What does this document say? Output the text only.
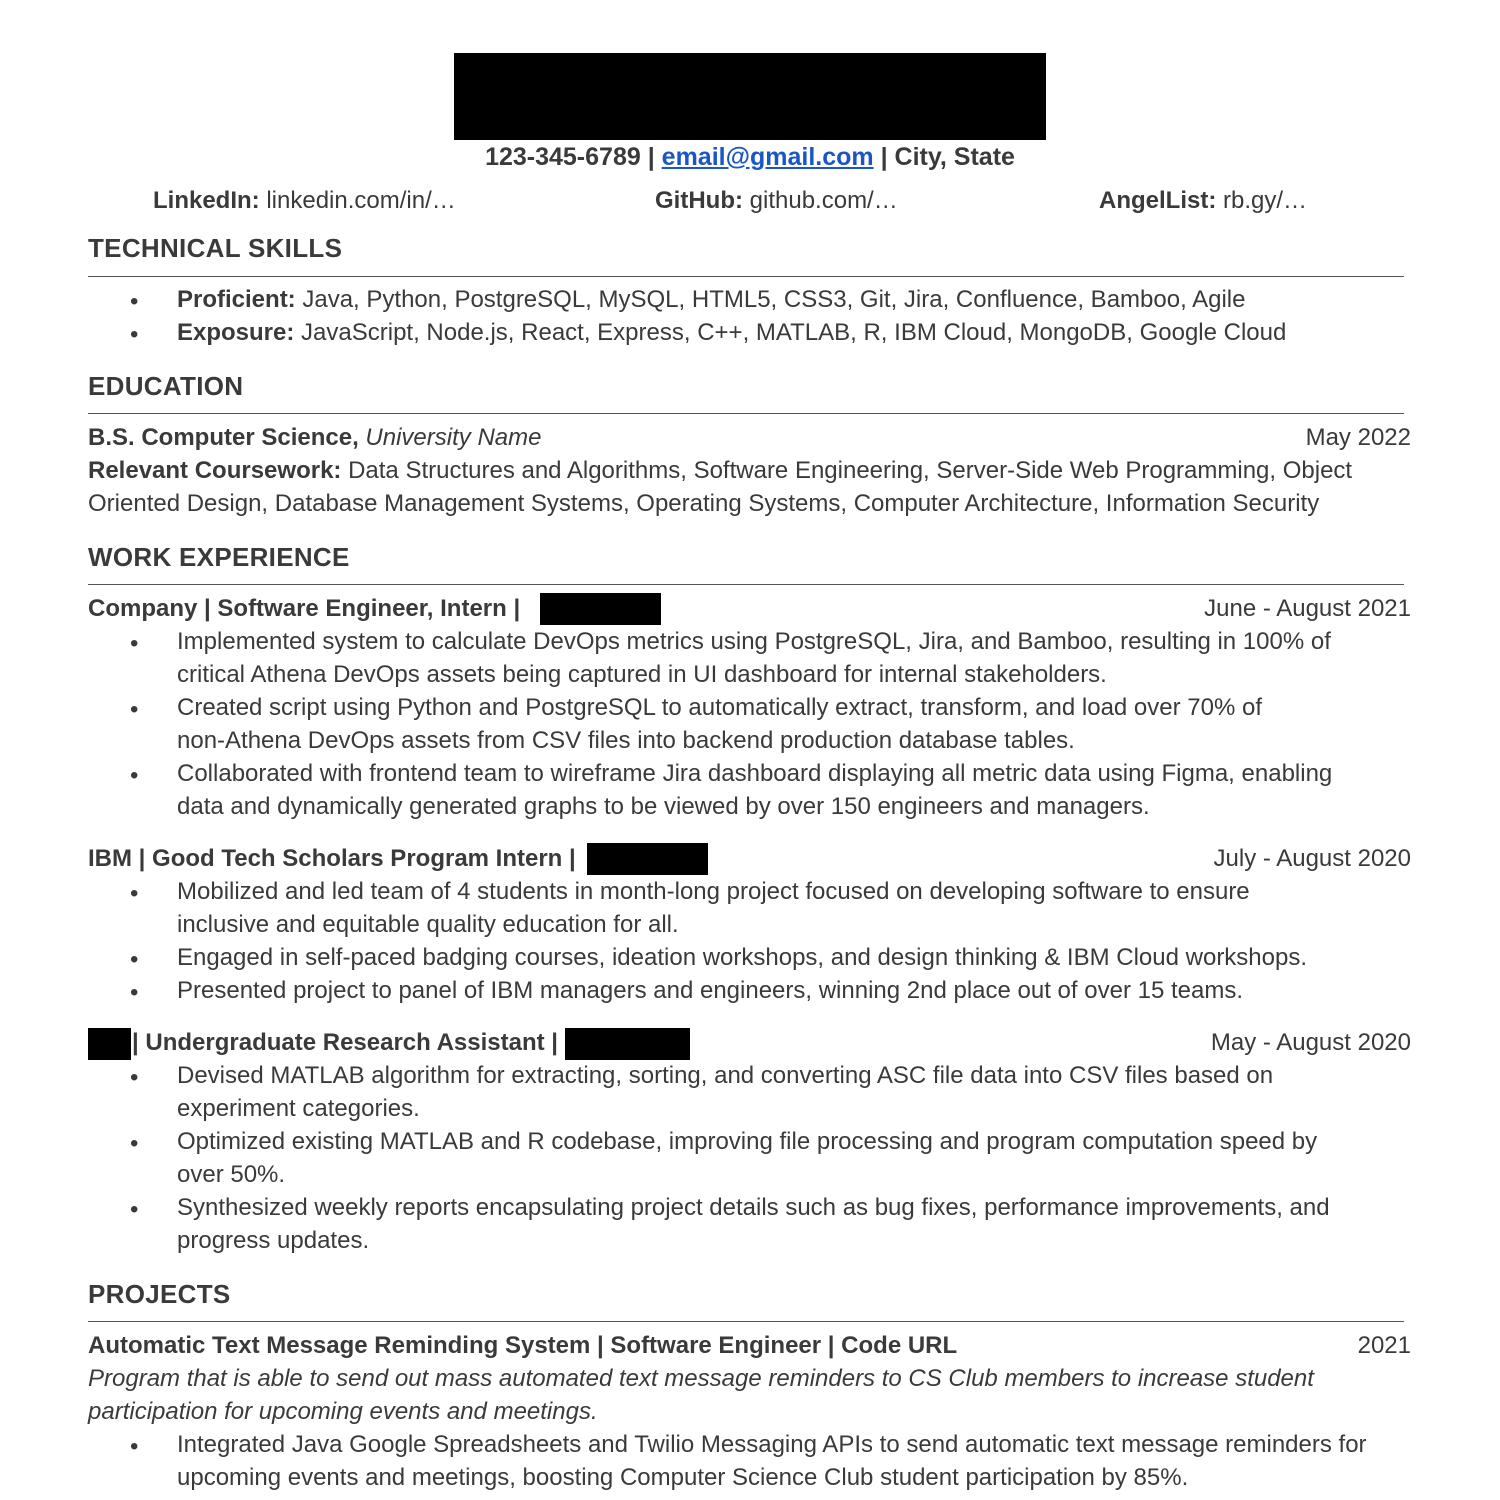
123-345-6789 | email@gmail.com | City, State
LinkedIn: linkedin.com/in/…	GitHub: github.com/…	AngelList: rb.gy/…
TECHNICAL SKILLS
• Proficient: Java, Python, PostgreSQL, MySQL, HTML5, CSS3, Git, Jira, Confluence, Bamboo, Agile
• Exposure: JavaScript, Node.js, React, Express, C++, MATLAB, R, IBM Cloud, MongoDB, Google Cloud
EDUCATION
B.S. Computer Science, University Name	May 2022
Relevant Coursework: Data Structures and Algorithms, Software Engineering, Server-Side Web Programming, Object
Oriented Design, Database Management Systems, Operating Systems, Computer Architecture, Information Security
WORK EXPERIENCE
Company | Software Engineer, Intern |	June - August 2021
• Implemented system to calculate DevOps metrics using PostgreSQL, Jira, and Bamboo, resulting in 100% of
critical Athena DevOps assets being captured in UI dashboard for internal stakeholders.
• Created script using Python and PostgreSQL to automatically extract, transform, and load over 70% of
non-Athena DevOps assets from CSV files into backend production database tables.
• Collaborated with frontend team to wireframe Jira dashboard displaying all metric data using Figma, enabling
data and dynamically generated graphs to be viewed by over 150 engineers and managers.
IBM | Good Tech Scholars Program Intern |	July - August 2020
• Mobilized and led team of 4 students in month-long project focused on developing software to ensure
inclusive and equitable quality education for all.
• Engaged in self-paced badging courses, ideation workshops, and design thinking & IBM Cloud workshops.
• Presented project to panel of IBM managers and engineers, winning 2nd place out of over 15 teams.
| Undergraduate Research Assistant |	May - August 2020
• Devised MATLAB algorithm for extracting, sorting, and converting ASC file data into CSV files based on
experiment categories.
• Optimized existing MATLAB and R codebase, improving file processing and program computation speed by
over 50%.
• Synthesized weekly reports encapsulating project details such as bug fixes, performance improvements, and
progress updates.
PROJECTS
Automatic Text Message Reminding System | Software Engineer | Code URL	2021
Program that is able to send out mass automated text message reminders to CS Club members to increase student
participation for upcoming events and meetings.
• Integrated Java Google Spreadsheets and Twilio Messaging APIs to send automatic text message reminders for
upcoming events and meetings, boosting Computer Science Club student participation by 85%.
